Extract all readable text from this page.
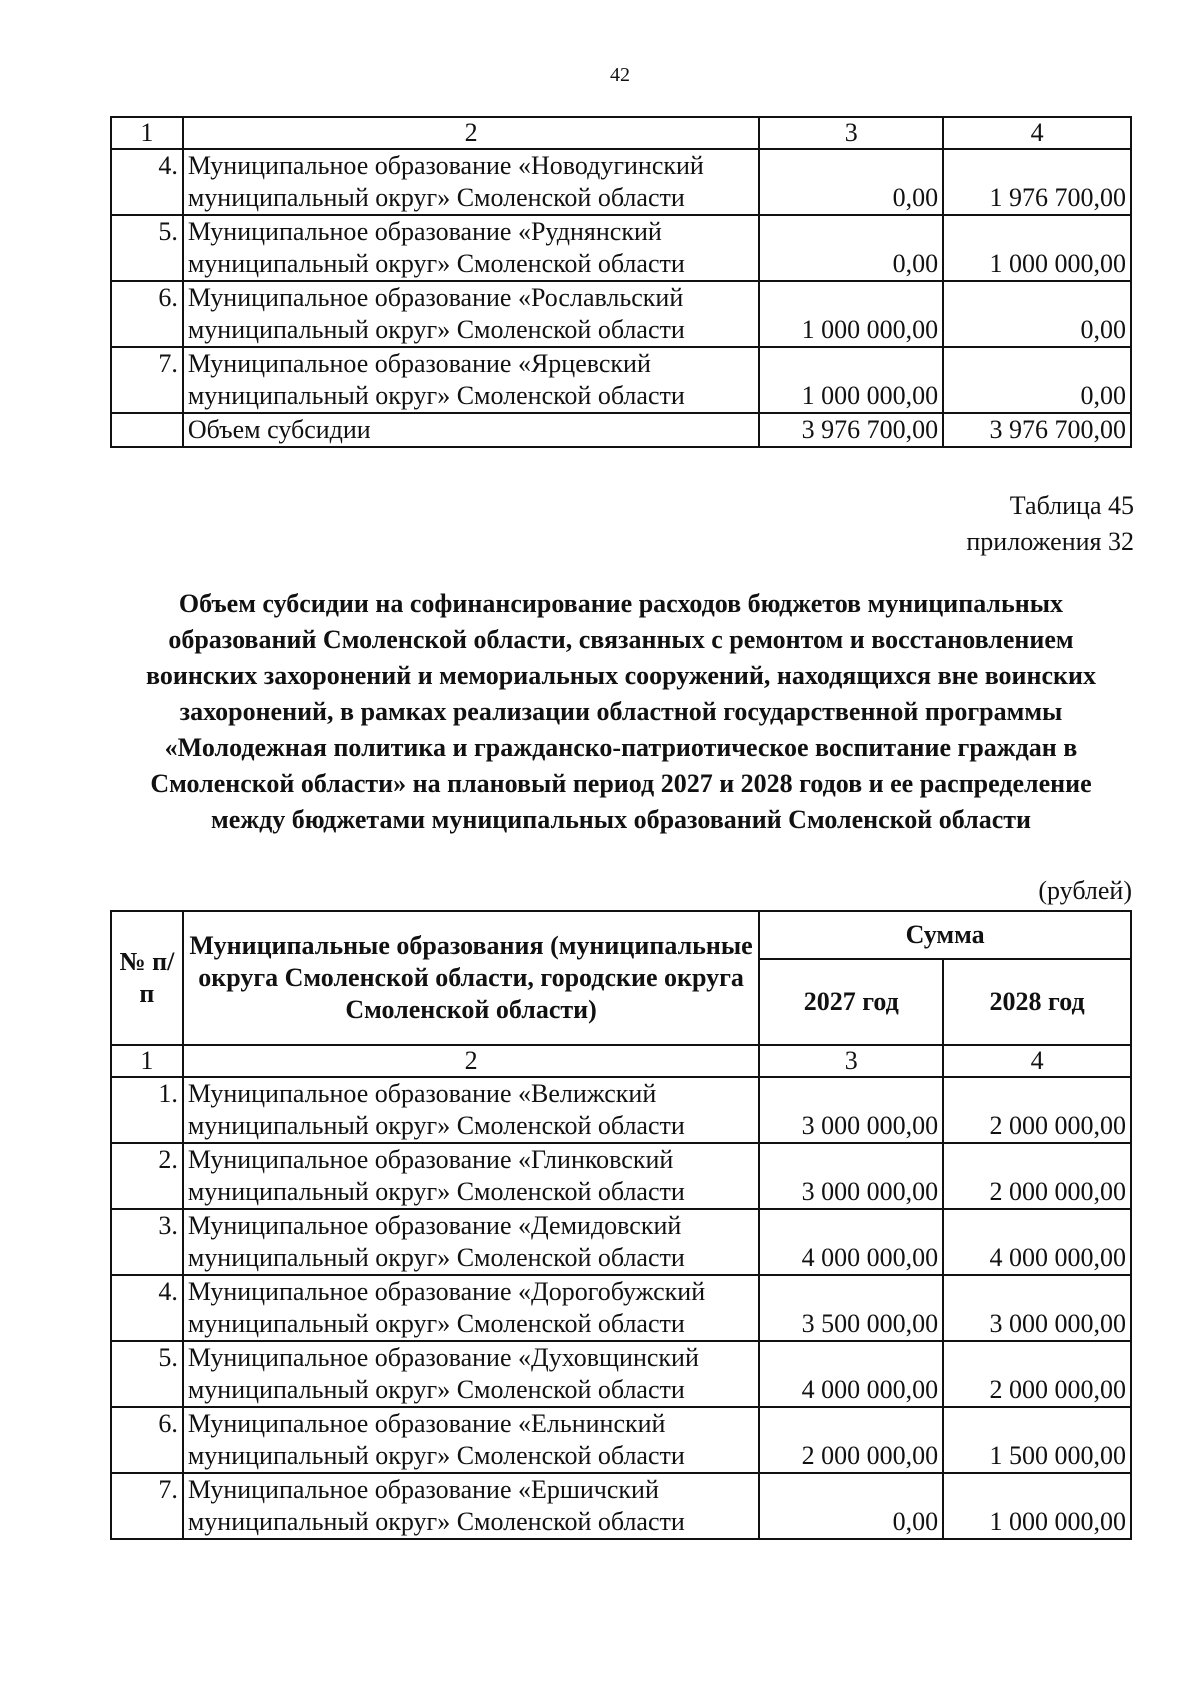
42
1	2	3	4
4.	Муниципальное образование «Новодугинский муниципальный округ» Смоленской области	0,00	1 976 700,00
5.	Муниципальное образование «Руднянский муниципальный округ» Смоленской области	0,00	1 000 000,00
6.	Муниципальное образование «Рославльский муниципальный округ» Смоленской области	1 000 000,00	0,00
7.	Муниципальное образование «Ярцевский муниципальный округ» Смоленской области	1 000 000,00	0,00
	Объем субсидии	3 976 700,00	3 976 700,00
Таблица 45
приложения 32
Объем субсидии на софинансирование расходов бюджетов муниципальных образований Смоленской области, связанных с ремонтом и восстановлением воинских захоронений и мемориальных сооружений, находящихся вне воинских захоронений, в рамках реализации областной государственной программы «Молодежная политика и гражданско-патриотическое воспитание граждан в Смоленской области» на плановый период 2027 и 2028 годов и ее распределение между бюджетами муниципальных образований Смоленской области
(рублей)
№ п/п	Муниципальные образования (муниципальные округа Смоленской области, городские округа Смоленской области)	Сумма	
		2027 год	2028 год
1	2	3	4
1.	Муниципальное образование «Велижский муниципальный округ» Смоленской области	3 000 000,00	2 000 000,00
2.	Муниципальное образование «Глинковский муниципальный округ» Смоленской области	3 000 000,00	2 000 000,00
3.	Муниципальное образование «Демидовский муниципальный округ» Смоленской области	4 000 000,00	4 000 000,00
4.	Муниципальное образование «Дорогобужский муниципальный округ» Смоленской области	3 500 000,00	3 000 000,00
5.	Муниципальное образование «Духовщинский муниципальный округ» Смоленской области	4 000 000,00	2 000 000,00
6.	Муниципальное образование «Ельнинский муниципальный округ» Смоленской области	2 000 000,00	1 500 000,00
7.	Муниципальное образование «Ершичский муниципальный округ» Смоленской области	0,00	1 000 000,00
